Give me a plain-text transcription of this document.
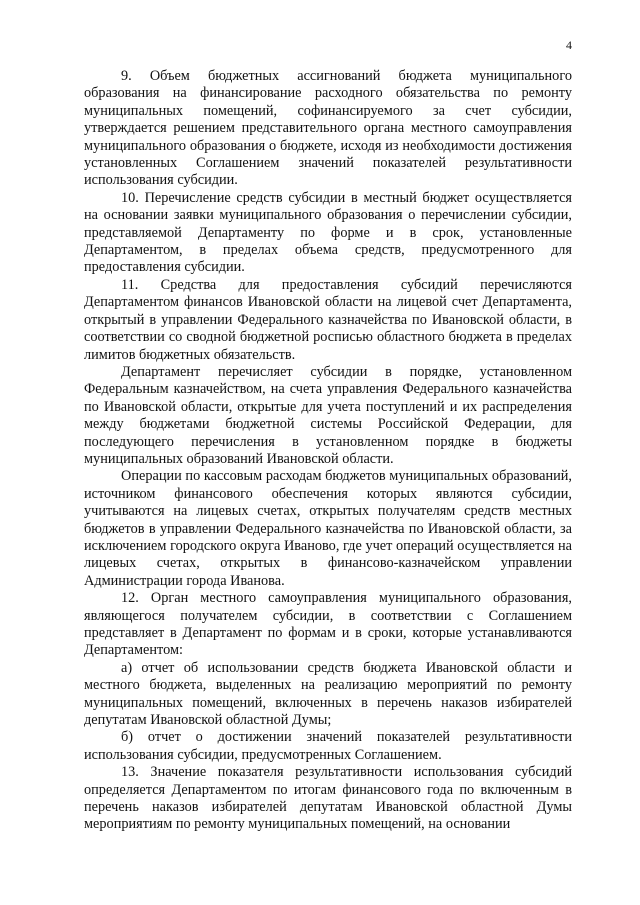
4

9. Объем бюджетных ассигнований бюджета муниципального образования на финансирование расходного обязательства по ремонту муниципальных помещений, софинансируемого за счет субсидии, утверждается решением представительного органа местного самоуправления муниципального образования о бюджете, исходя из необходимости достижения установленных Соглашением значений показателей результативности использования субсидии.

10. Перечисление средств субсидии в местный бюджет осуществляется на основании заявки муниципального образования о перечислении субсидии, представляемой Департаменту по форме и в срок, установленные Департаментом, в пределах объема средств, предусмотренного для предоставления субсидии.

11. Средства для предоставления субсидий перечисляются Департаментом финансов Ивановской области на лицевой счет Департамента, открытый в управлении Федерального казначейства по Ивановской области, в соответствии со сводной бюджетной росписью областного бюджета в пределах лимитов бюджетных обязательств.

Департамент перечисляет субсидии в порядке, установленном Федеральным казначейством, на счета управления Федерального казначейства по Ивановской области, открытые для учета поступлений и их распределения между бюджетами бюджетной системы Российской Федерации, для последующего перечисления в установленном порядке в бюджеты муниципальных образований Ивановской области.

Операции по кассовым расходам бюджетов муниципальных образований, источником финансового обеспечения которых являются субсидии, учитываются на лицевых счетах, открытых получателям средств местных бюджетов в управлении Федерального казначейства по Ивановской области, за исключением городского округа Иваново, где учет операций осуществляется на лицевых счетах, открытых в финансово-казначейском управлении Администрации города Иванова.

12. Орган местного самоуправления муниципального образования, являющегося получателем субсидии, в соответствии с Соглашением представляет в Департамент по формам и в сроки, которые устанавливаются Департаментом:

а) отчет об использовании средств бюджета Ивановской области и местного бюджета, выделенных на реализацию мероприятий по ремонту муниципальных помещений, включенных в перечень наказов избирателей депутатам Ивановской областной Думы;

б) отчет о достижении значений показателей результативности использования субсидии, предусмотренных Соглашением.

13. Значение показателя результативности использования субсидий определяется Департаментом по итогам финансового года по включенным в перечень наказов избирателей депутатам Ивановской областной Думы мероприятиям по ремонту муниципальных помещений, на основании
